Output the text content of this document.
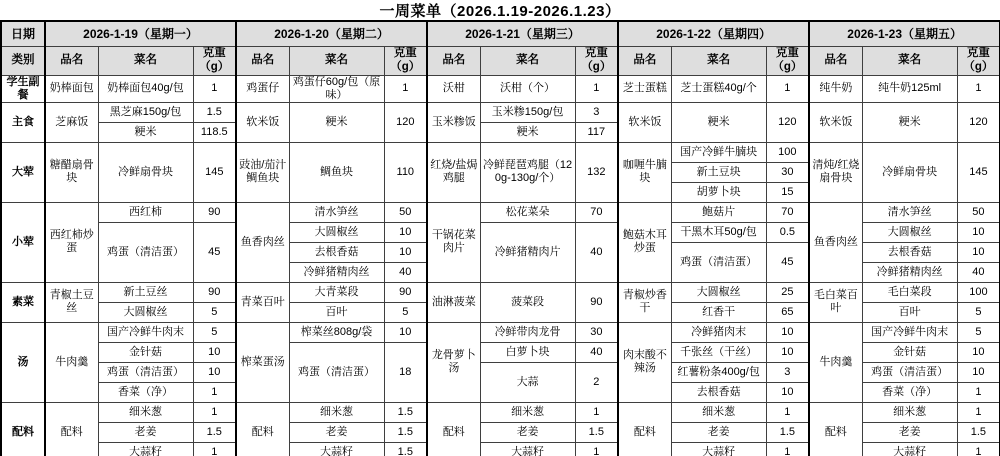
一周菜单（2026.1.19-2026.1.23）
日期	2026-1-19（星期一）			2026-1-20（星期二）			2026-1-21（星期三）			2026-1-22（星期四）			2026-1-23（星期五）		
类别	品名	菜名	克重（g）	品名	菜名	克重（g）	品名	菜名	克重（g）	品名	菜名	克重（g）	品名	菜名	克重（g）
学生副餐	奶棒面包	奶棒面包40g/包	1	鸡蛋仔	鸡蛋仔60g/包（原味）	1	沃柑	沃柑（个）	1	芝士蛋糕	芝士蛋糕40g/个	1	纯牛奶	纯牛奶125ml	1
主食	芝麻饭	黑芝麻150g/包	1.5	软米饭	粳米	120	玉米糁饭	玉米糁150g/包	3	软米饭	粳米	120	软米饭	粳米	120
		粳米	118.5					粳米	117						
大荤	糖醋扇骨块	冷鲜扇骨块	145	豉油/茄汁鲷鱼块	鲷鱼块	110	红烧/盐焗鸡腿	冷鲜琵琶鸡腿（120g-130g/个）	132	咖喱牛腩块	国产冷鲜牛腩块	100	清炖/红烧扇骨块	冷鲜扇骨块	145
											新土豆块	30			
											胡萝卜块	15			
小荤	西红柿炒蛋	西红柿	90	鱼香肉丝	清水笋丝	50	干锅花菜肉片	松花菜朵	70	鲍菇木耳炒蛋	鲍菇片	70	鱼香肉丝	清水笋丝	50
		鸡蛋（清洁蛋）	45		大圆椒丝	10		冷鲜猪精肉片	40		干黑木耳50g/包	0.5		大圆椒丝	10
					去根香菇	10					鸡蛋（清洁蛋）	45		去根香菇	10
					冷鲜猪精肉丝	40								冷鲜猪精肉丝	40
素菜	青椒土豆丝	新土豆丝	90	青菜百叶	大青菜段	90	油淋菠菜	菠菜段	90	青椒炒香干	大圆椒丝	25	毛白菜百叶	毛白菜段	100
		大圆椒丝	5		百叶	5					红香干	65		百叶	5
汤	牛肉羹	国产冷鲜牛肉末	5	榨菜蛋汤	榨菜丝808g/袋	10	龙骨萝卜汤	冷鲜带肉龙骨	30	肉末酸不辣汤	冷鲜猪肉末	10	牛肉羹	国产冷鲜牛肉末	5
		金针菇	10		鸡蛋（清洁蛋）	18		白萝卜块	40		千张丝（干丝）	10		金针菇	10
		鸡蛋（清洁蛋）	10					大蒜	2		红薯粉条400g/包	3		鸡蛋（清洁蛋）	10
		香菜（净）	1								去根香菇	10		香菜（净）	1
配料	配料	细米葱	1	配料	细米葱	1.5	配料	细米葱	1	配料	细米葱	1	配料	细米葱	1
		老姜	1.5		老姜	1.5		老姜	1.5		老姜	1.5		老姜	1.5
		大蒜籽	1		大蒜籽	1.5		大蒜籽	1		大蒜籽	1		大蒜籽	1
